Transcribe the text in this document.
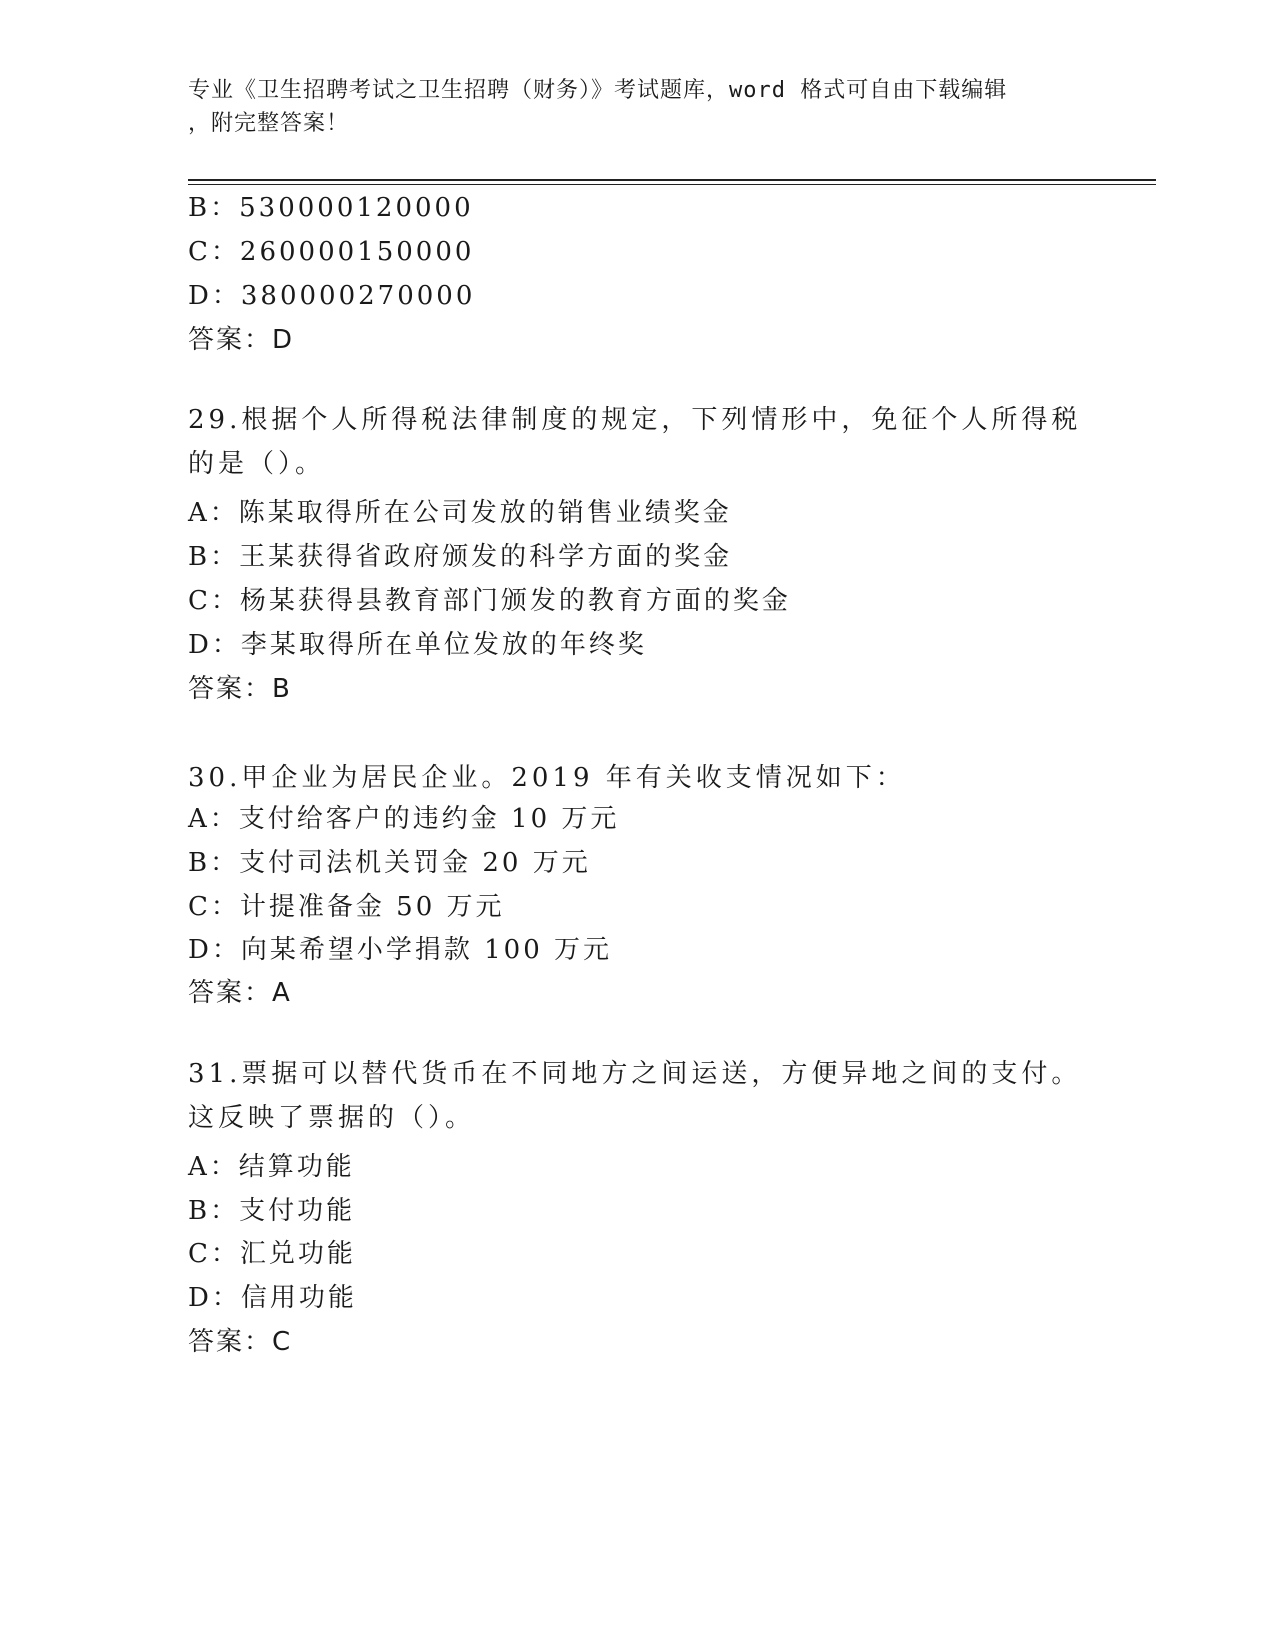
专业《卫生招聘考试之卫生招聘（财务）》考试题库，word 格式可自由下载编辑
，附完整答案！
B：530000120000
C：260000150000
D：380000270000
答案：D
29.根据个人所得税法律制度的规定，下列情形中，免征个人所得税的是（）。
A：陈某取得所在公司发放的销售业绩奖金
B：王某获得省政府颁发的科学方面的奖金
C：杨某获得县教育部门颁发的教育方面的奖金
D：李某取得所在单位发放的年终奖
答案：B
30.甲企业为居民企业。2019 年有关收支情况如下：
A：支付给客户的违约金 10 万元
B：支付司法机关罚金 20 万元
C：计提准备金 50 万元
D：向某希望小学捐款 100 万元
答案：A
31.票据可以替代货币在不同地方之间运送，方便异地之间的支付。这反映了票据的（）。
A：结算功能
B：支付功能
C：汇兑功能
D：信用功能
答案：C
